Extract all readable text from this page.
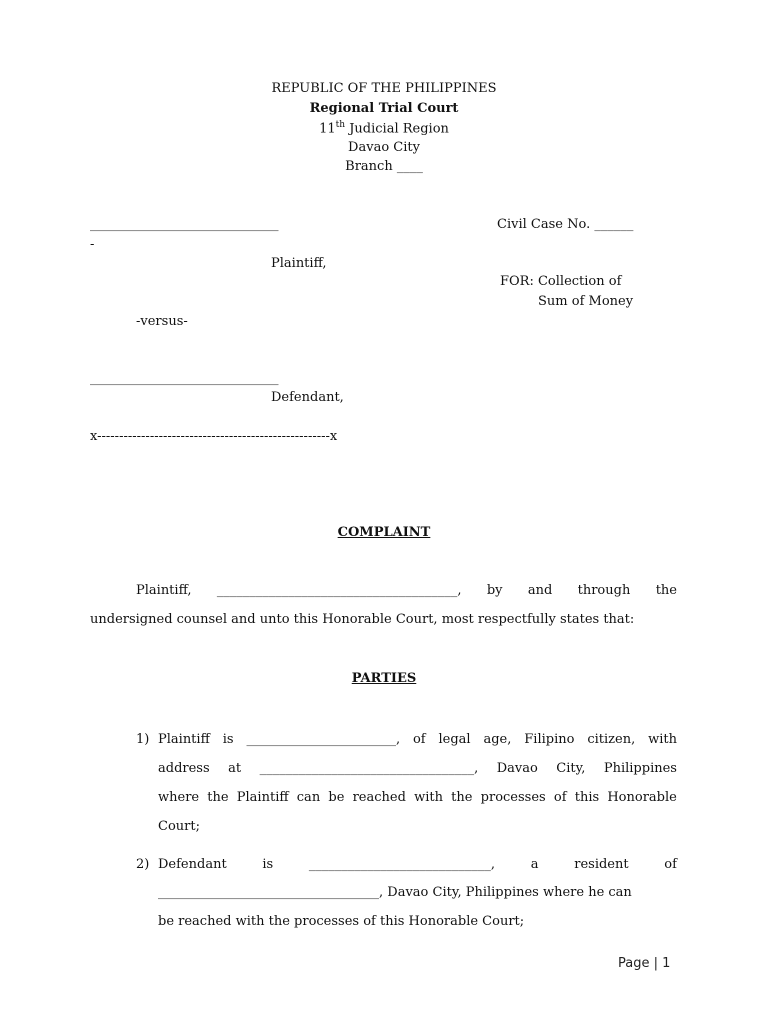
REPUBLIC OF THE PHILIPPINES
Regional Trial Court
11th Judicial Region
Davao City
Branch ____
_____________________________
-
Plaintiff,
-versus-
_____________________________
Defendant,
x-----------------------------------------------------x
Civil Case No. ______
FOR: Collection of
Sum of Money
COMPLAINT
Plaintiff, _____________________________________, by and through the
undersigned counsel and unto this Honorable Court, most respectfully states that:
PARTIES
1) Plaintiff is _______________________, of legal age, Filipino citizen, with
address at _________________________________, Davao City, Philippines
where the Plaintiff can be reached with the processes of this Honorable
Court;
2) Defendant	is	____________________________,	a	resident	of
__________________________________, Davao City, Philippines where he can
be reached with the processes of this Honorable Court;
Page | 1
